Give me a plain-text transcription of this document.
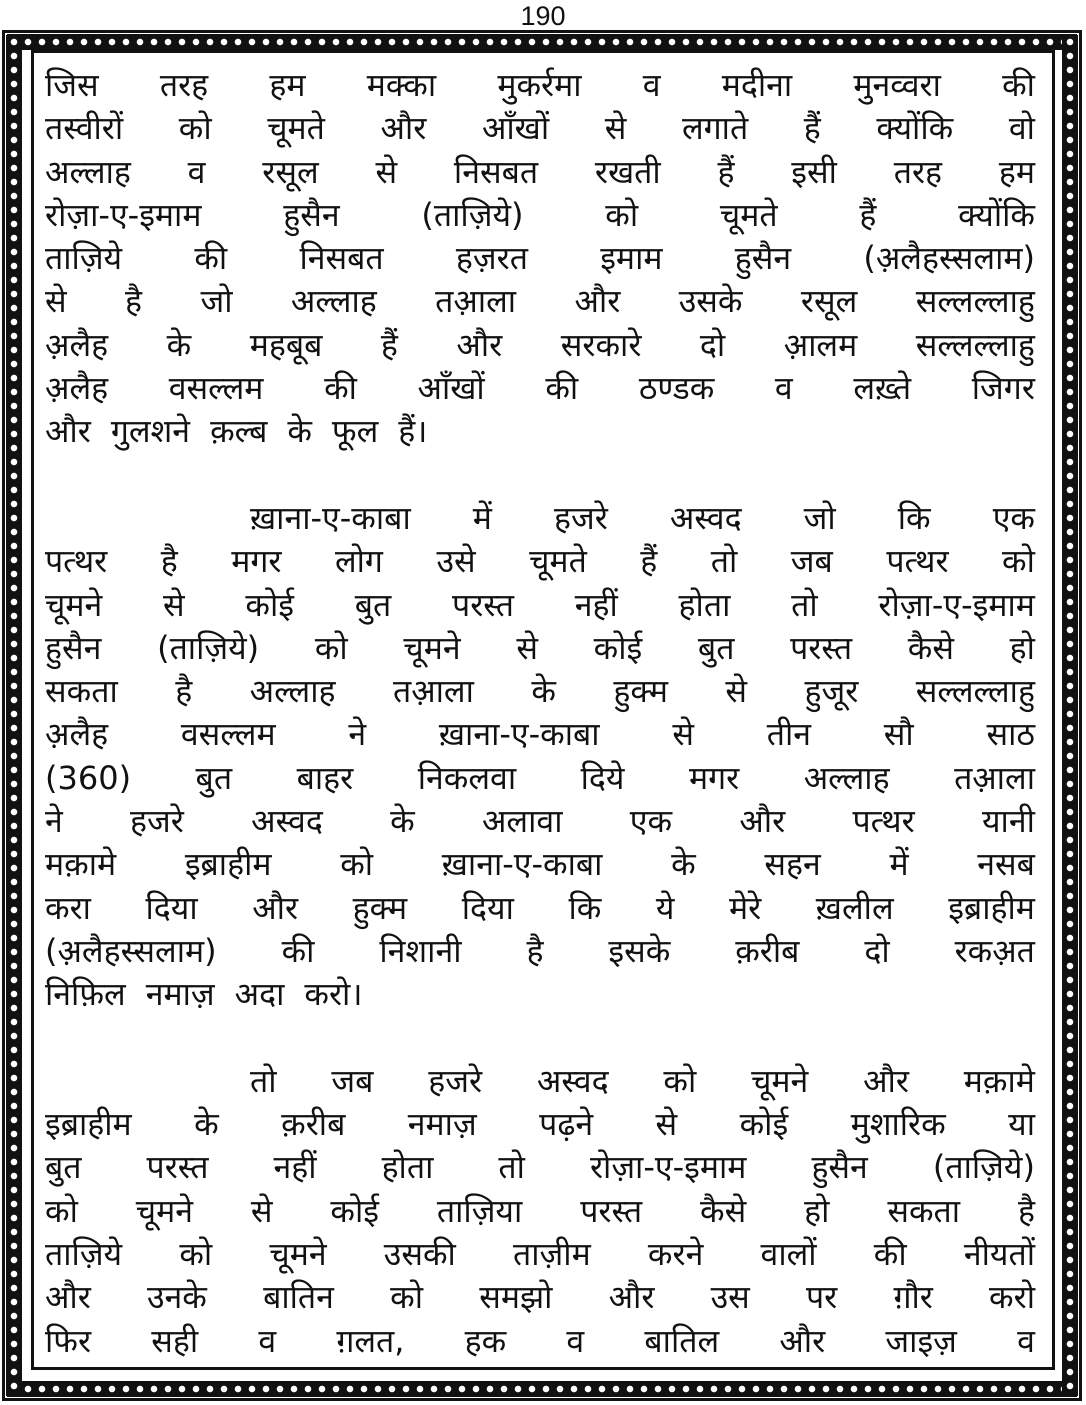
190
जिस तरह हम मक्का मुकर्रमा व मदीना मुनव्वरा की
तस्वीरों को चूमते और आँखों से लगाते हैं क्योंकि वो
अल्लाह व रसूल से निसबत रखती हैं इसी तरह हम
रोज़ा-ए-इमाम	हुसैन	(ताज़िये)	को	चूमते	हैं	क्योंकि
ताज़िये की निसबत हज़रत इमाम हुसैन (अ़लैहस्सलाम)
से है जो अल्लाह तआ़ला और उसके रसूल सल्लल्लाहु
अ़लैह के महबूब हैं और सरकारे दो आ़लम सल्लल्लाहु
अ़लैह वसल्लम की आँखों की ठण्डक व लख़्ते जिगर
और गुलशने क़ल्ब के फूल हैं।
ख़ाना-ए-काबा में हजरे अस्वद जो कि एक
पत्थर है मगर लोग उसे चूमते हैं तो जब पत्थर को
चूमने से कोई बुत परस्त नहीं होता तो रोज़ा-ए-इमाम
हुसैन (ताज़िये) को चूमने से कोई बुत परस्त कैसे हो
सकता है अल्लाह तआ़ला के हुक्म से हुजूर सल्लल्लाहु
अ़लैह वसल्लम ने ख़ाना-ए-काबा से तीन सौ साठ
(360) बुत बाहर निकलवा दिये मगर अल्लाह तआ़ला
ने हजरे अस्वद के अलावा एक और पत्थर यानी
मक़ामे इब्राहीम को ख़ाना-ए-काबा के सहन में नसब
करा दिया और हुक्म दिया कि ये मेरे ख़लील इब्राहीम
(अ़लैहस्सलाम) की निशानी है इसके क़रीब दो रकअ़त
निफ़िल नमाज़ अदा करो।
तो जब हजरे अस्वद को चूमने और मक़ामे
इब्राहीम के क़रीब नमाज़ पढ़ने से कोई मुशारिक या
बुत परस्त नहीं होता तो रोज़ा-ए-इमाम हुसैन (ताज़िये)
को चूमने से कोई ताज़िया परस्त कैसे हो सकता है
ताज़िये को चूमने उसकी ताज़ीम करने वालों की नीयतों
और उनके बातिन को समझो और उस पर ग़ौर करो
फिर सही व ग़लत, हक व बातिल और जाइज़ व
